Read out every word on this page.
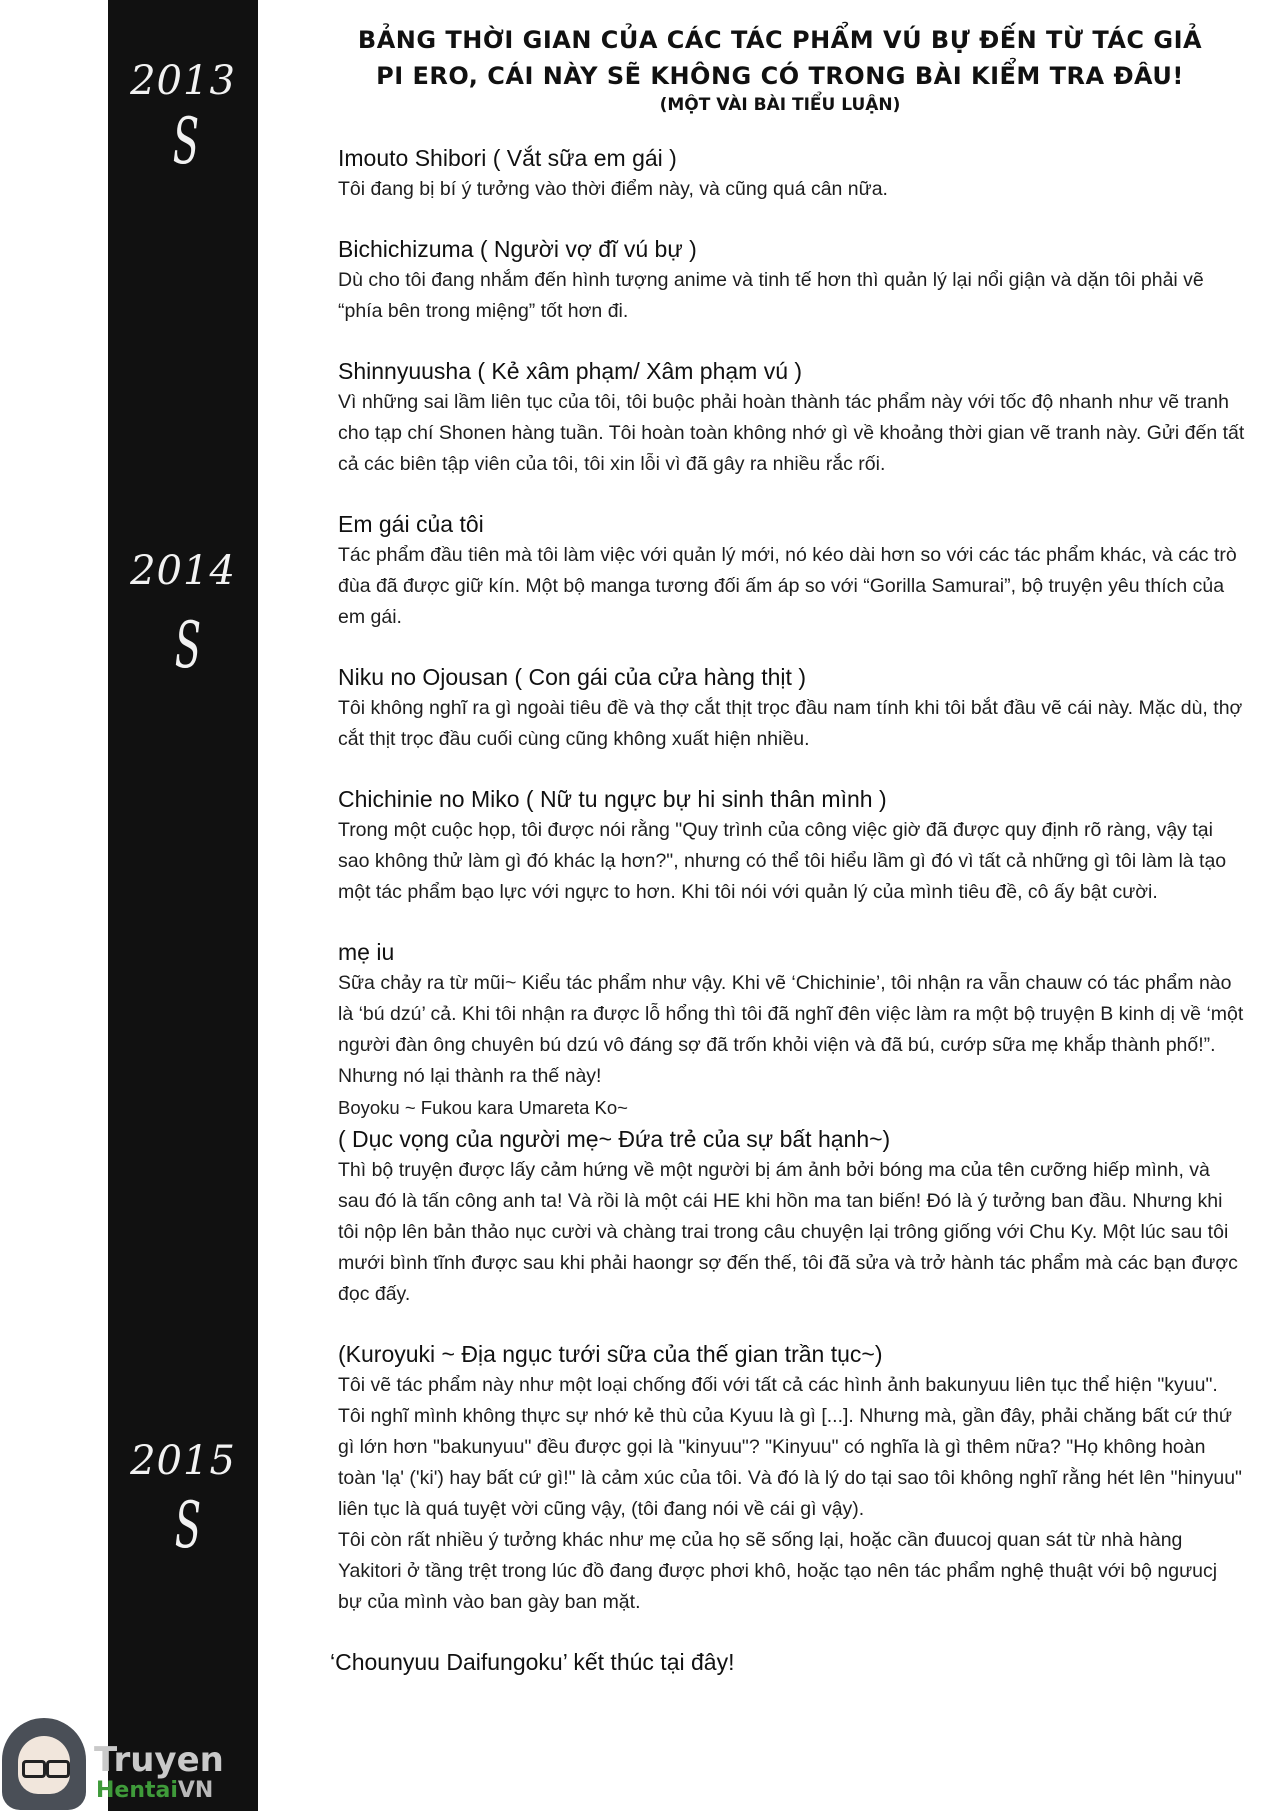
2013
S
2014
S
2015
S
BẢNG THỜI GIAN CỦA CÁC TÁC PHẨM VÚ BỰ ĐẾN TỪ TÁC GIẢ
PI ERO, CÁI NÀY SẼ KHÔNG CÓ TRONG BÀI KIỂM TRA ĐÂU!
(MỘT VÀI BÀI TIỂU LUẬN)

Imouto Shibori ( Vắt sữa em gái )

Tôi đang bị bí ý tưởng vào thời điểm này, và cũng quá cân nữa.

Bichichizuma ( Người vợ đĩ vú bự )

Dù cho tôi đang nhắm đến hình tượng anime và tinh tế hơn thì quản lý lại nổi giận và dặn tôi phải vẽ “phía bên trong miệng” tốt hơn đi.

Shinnyuusha ( Kẻ xâm phạm/ Xâm phạm vú )

Vì những sai lầm liên tục của tôi, tôi buộc phải hoàn thành tác phẩm này với tốc độ nhanh như vẽ tranh cho tạp chí Shonen hàng tuần. Tôi hoàn toàn không nhớ gì về khoảng thời gian vẽ tranh này. Gửi đến tất cả các biên tập viên của tôi, tôi xin lỗi vì đã gây ra nhiều rắc rối.

Em gái của tôi

Tác phẩm đầu tiên mà tôi làm việc với quản lý mới, nó kéo dài hơn so với các tác phẩm khác, và các trò đùa đã được giữ kín. Một bộ manga tương đối ấm áp so với “Gorilla Samurai”, bộ truyện yêu thích của em gái.

Niku no Ojousan ( Con gái của cửa hàng thịt )

Tôi không nghĩ ra gì ngoài tiêu đề và thợ cắt thịt trọc đầu nam tính khi tôi bắt đầu vẽ cái này. Mặc dù, thợ cắt thịt trọc đầu cuối cùng cũng không xuất hiện nhiều.

Chichinie no Miko ( Nữ tu ngực bự hi sinh thân mình )

Trong một cuộc họp, tôi được nói rằng "Quy trình của công việc giờ đã được quy định rõ ràng, vậy tại sao không thử làm gì đó khác lạ hơn?", nhưng có thể tôi hiểu lầm gì đó vì tất cả những gì tôi làm là tạo một tác phẩm bạo lực với ngực to hơn. Khi tôi nói với quản lý của mình tiêu đề, cô ấy bật cười.

mẹ iu

Sữa chảy ra từ mũi~ Kiểu tác phẩm như vậy. Khi vẽ ‘Chichinie’, tôi nhận ra vẫn chauw có tác phẩm nào là ‘bú dzú’ cả. Khi tôi nhận ra được lỗ hổng thì tôi đã nghĩ đên việc làm ra một bộ truyện B kinh dị về ‘một người đàn ông chuyên bú dzú vô đáng sợ đã trốn khỏi viện và đã bú, cướp sữa mẹ khắp thành phố!”. Nhưng nó lại thành ra thế này!

Boyoku ~ Fukou kara Umareta Ko~

( Dục vọng của người mẹ~ Đứa trẻ của sự bất hạnh~)

Thì bộ truyện được lấy cảm hứng về một người bị ám ảnh bởi bóng ma của tên cưỡng hiếp mình, và sau đó là tấn công anh ta! Và rồi là một cái HE khi hồn ma tan biến! Đó là ý tưởng ban đầu. Nhưng khi tôi nộp lên bản thảo nục cười và chàng trai trong câu chuyện lại trông giống với Chu Ky. Một lúc sau tôi mưới bình tĩnh được sau khi phải haongr sợ đến thế, tôi đã sửa và trở hành tác phẩm mà các bạn được đọc đấy.

(Kuroyuki ~ Địa ngục tưới sữa của thế gian trần tục~)

Tôi vẽ tác phẩm này như một loại chống đối với tất cả các hình ảnh bakunyuu liên tục thể hiện "kyuu". Tôi nghĩ mình không thực sự nhớ kẻ thù của Kyuu là gì [...]. Nhưng mà, gần đây, phải chăng bất cứ thứ gì lớn hơn "bakunyuu" đều được gọi là "kinyuu"? "Kinyuu" có nghĩa là gì thêm nữa? "Họ không hoàn toàn 'lạ' ('ki') hay bất cứ gì!" là cảm xúc của tôi. Và đó là lý do tại sao tôi không nghĩ rằng hét lên "hinyuu" liên tục là quá tuyệt vời cũng vậy, (tôi đang nói về cái gì vậy).

Tôi còn rất nhiều ý tưởng khác như mẹ của họ sẽ sống lại, hoặc cần đuucoj quan sát từ nhà hàng Yakitori ở tầng trệt trong lúc đồ đang được phơi khô, hoặc tạo nên tác phẩm nghệ thuật với bộ ngưucj bự của mình vào ban gày ban mặt.

‘Chounyuu Daifungoku’ kết thúc tại đây!
Truyen
HentaiVN
